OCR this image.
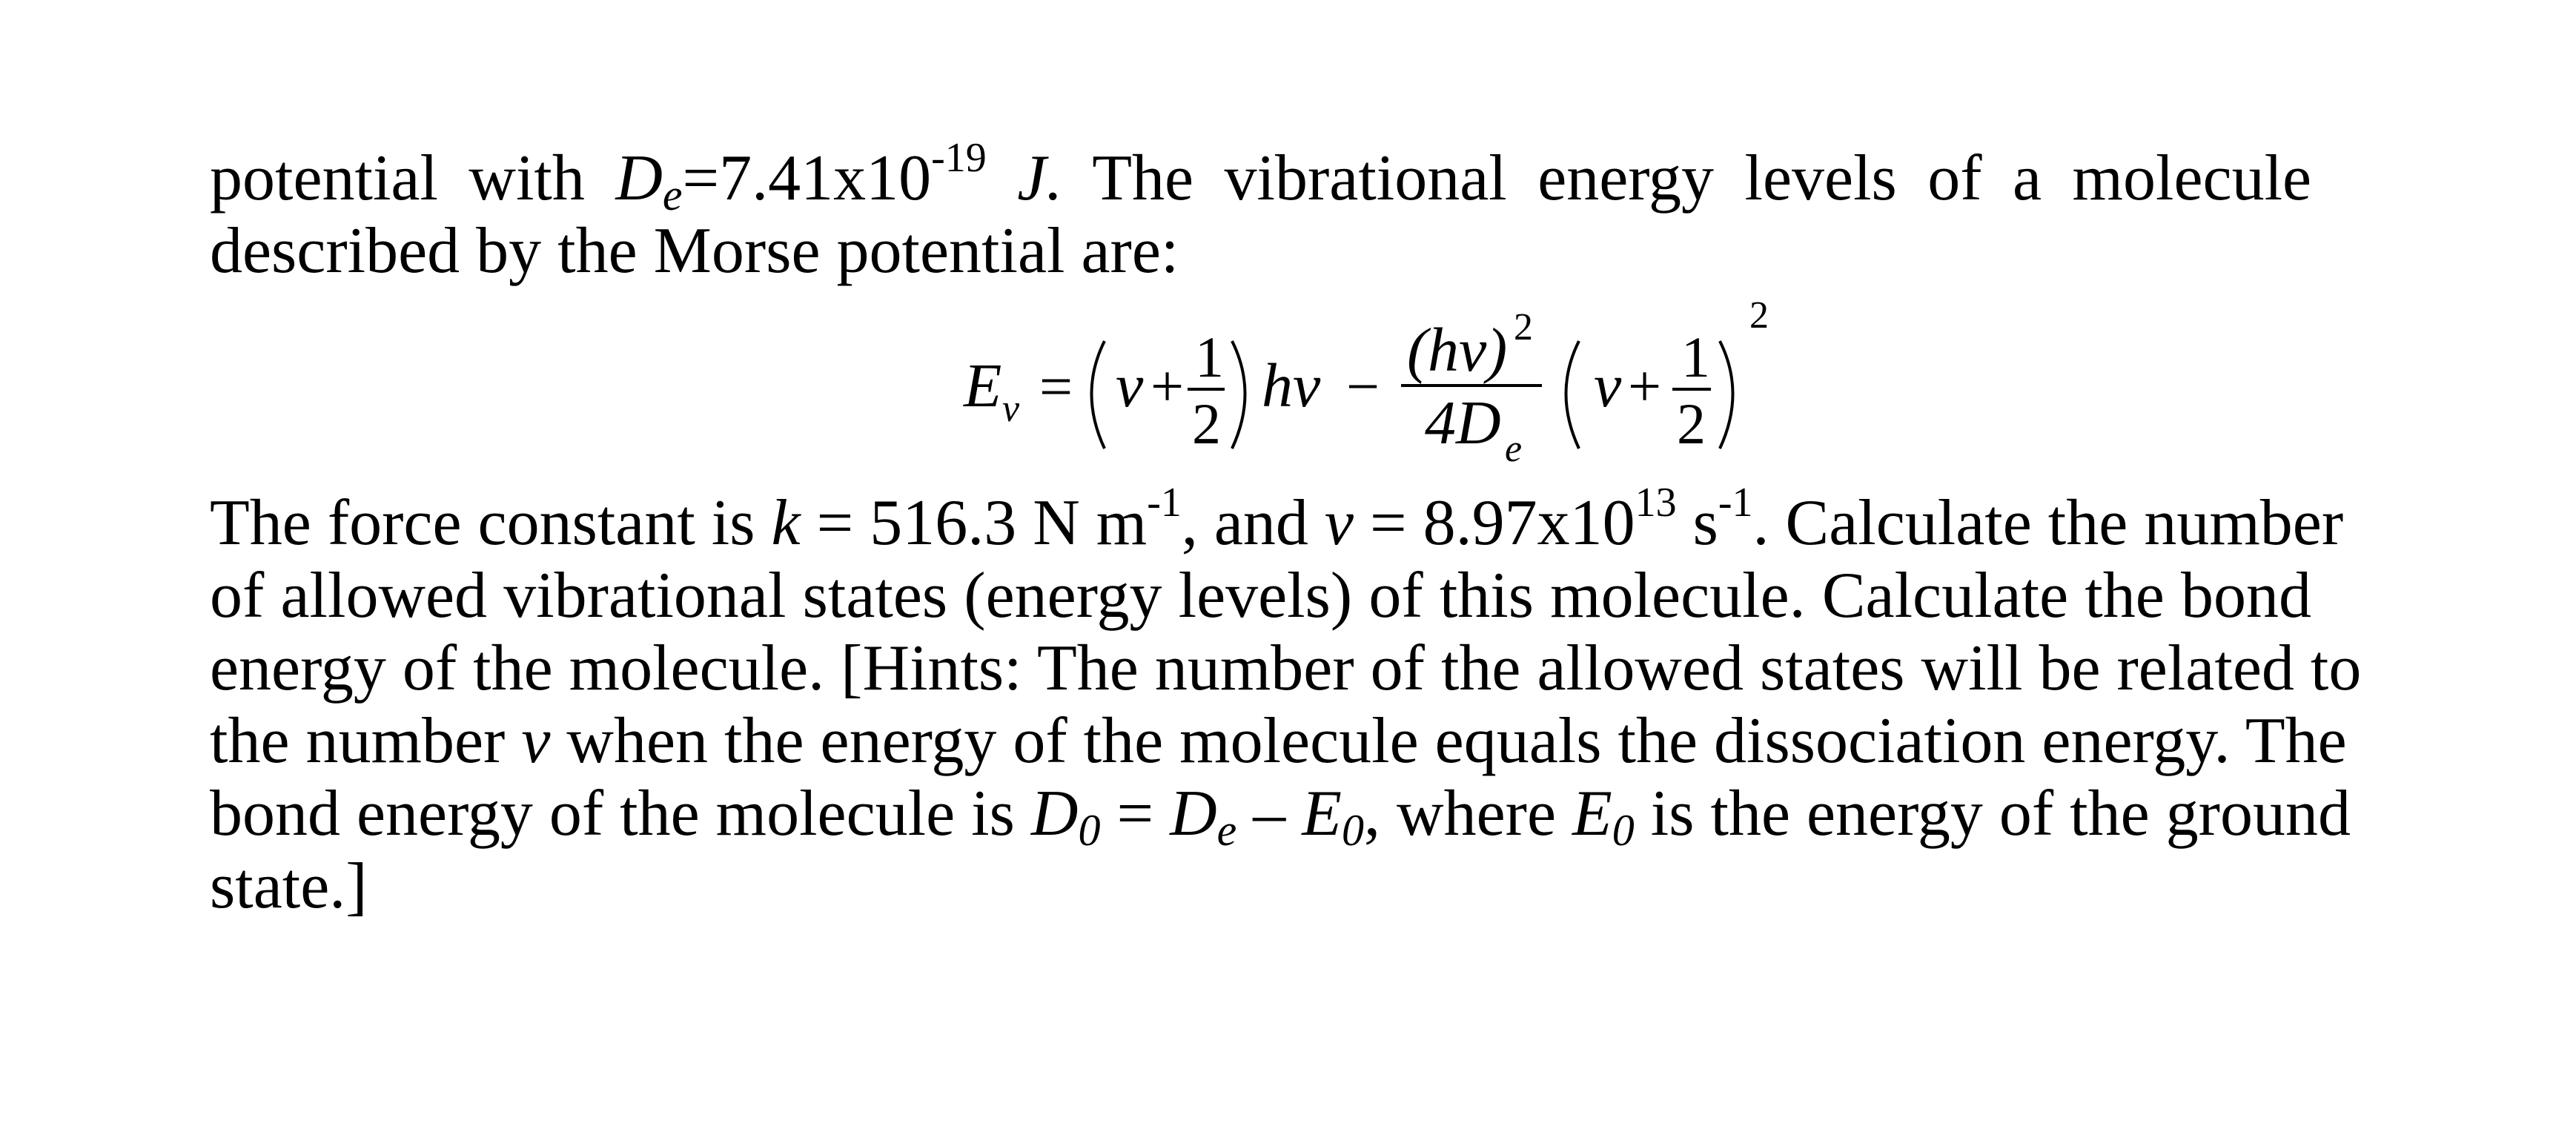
potential with $D_e=7.41x10^{-19}$ J. The vibrational energy levels of a molecule
described by the Morse potential are:
E v = v + 1
2
hν −
(hν) 2
4D e
v + 1
2
2
The force constant is k = 516.3 N $m^{-1}$, and $v = 8.97x10^{13}$ $s^{-1}$. Calculate the number
of allowed vibrational states (energy levels) of this molecule. Calculate the bond
energy of the molecule. [Hints: The number of the allowed states will be related to
the number v when the energy of the molecule equals the dissociation energy. The
bond energy of the molecule is $D_0 = D_e - E_0$, where $E_0$ is the energy of the ground
state.]
